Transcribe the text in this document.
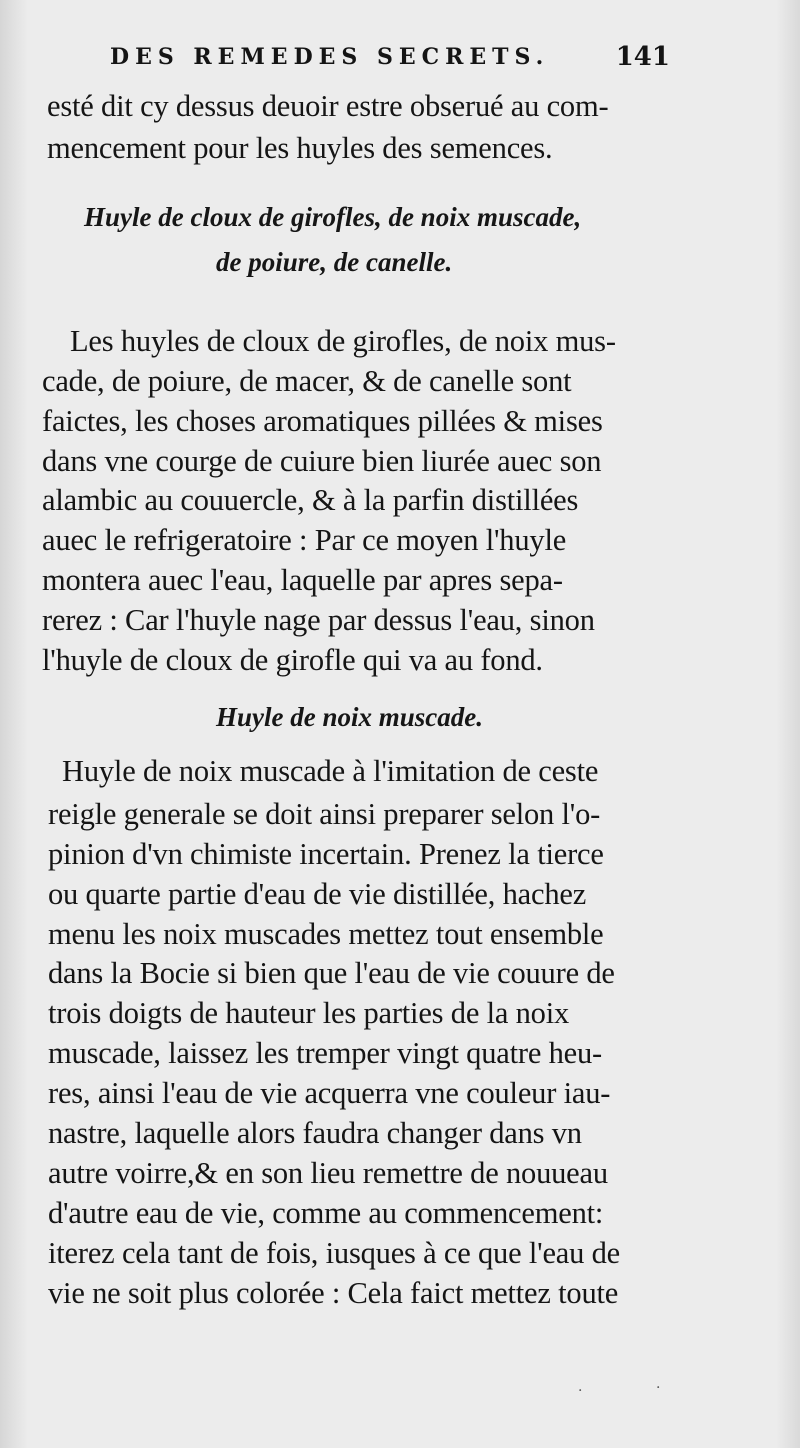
DES REMEDES SECRETS.	141
esté dit cy dessus deuoir estre obserué au com-
mencement pour les huyles des semences.
Huyle de cloux de girofles, de noix muscade,
de poiure, de canelle.
Les huyles de cloux de girofles, de noix mus-
cade, de poiure, de macer, & de canelle sont
faictes, les choses aromatiques pillées & mises
dans vne courge de cuiure bien liurée auec son
alambic au couuercle, & à la parfin distillées
auec le refrigeratoire : Par ce moyen l'huyle
montera auec l'eau, laquelle par apres sepa-
rerez : Car l'huyle nage par dessus l'eau, sinon
l'huyle de cloux de girofle qui va au fond.
Huyle de noix muscade.
Huyle de noix muscade à l'imitation de ceste
reigle generale se doit ainsi preparer selon l'o-
pinion d'vn chimiste incertain. Prenez la tierce
ou quarte partie d'eau de vie distillée, hachez
menu les noix muscades mettez tout ensemble
dans la Bocie si bien que l'eau de vie couure de
trois doigts de hauteur les parties de la noix
muscade, laissez les tremper vingt quatre heu-
res, ainsi l'eau de vie acquerra vne couleur iau-
nastre, laquelle alors faudra changer dans vn
autre voirre,& en son lieu remettre de nouueau
d'autre eau de vie, comme au commencement:
iterez cela tant de fois, iusques à ce que l'eau de
vie ne soit plus colorée : Cela faict mettez toute
·	·
